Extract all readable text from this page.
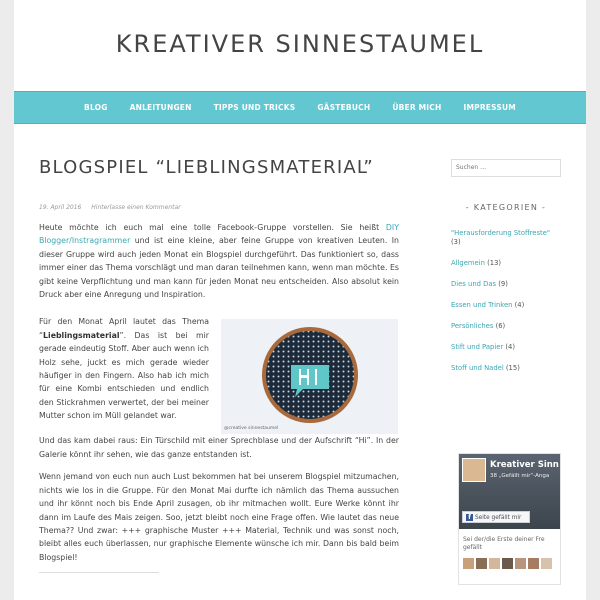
KREATIVER SINNESTAUMEL
BLOG	ANLEITUNGEN	TIPPS UND TRICKS	GÄSTEBUCH	ÜBER MICH	IMPRESSUM
BLOGSPIEL “LIEBLINGSMATERIAL”
19. April 2016 Hinterlasse einen Kommentar

Heute möchte ich euch mal eine tolle Facebook-Gruppe vorstellen. Sie heißt DIY Blogger/Instragrammer und ist eine kleine, aber feine Gruppe von kreativen Leuten. In dieser Gruppe wird auch jeden Monat ein Blogspiel durchgeführt. Das funktioniert so, dass immer einer das Thema vorschlägt und man daran teilnehmen kann, wenn man möchte. Es gibt keine Verpflichtung und man kann für jeden Monat neu entscheiden. Also absolut kein Druck aber eine Anregung und Inspiration.

Für den Monat April lautet das Thema “Lieblingsmaterial”. Das ist bei mir gerade eindeutig Stoff. Aber auch wenn ich Holz sehe, juckt es mich gerade wieder häufiger in den Fingern. Also hab ich mich für eine Kombi entschieden und endlich den Stickrahmen verwertet, der bei meiner Mutter schon im Müll gelandet war.

Und das kam dabei raus: Ein Türschild mit einer Sprechblase und der Aufschrift “Hi”. In der Galerie könnt ihr sehen, wie das ganze entstanden ist.

@creative sinnestaumel

Wenn jemand von euch nun auch Lust bekommen hat bei unserem Blogspiel mitzumachen, nichts wie los in die Gruppe. Für den Monat Mai durfte ich nämlich das Thema aussuchen und ihr könnt noch bis Ende April zusagen, ob ihr mitmachen wollt. Eure Werke könnt ihr dann im Laufe des Mais zeigen. Soo, jetzt bleibt noch eine Frage offen. Wie lautet das neue Thema?? Und zwar: +++ graphische Muster +++ Material, Technik und was sonst noch, bleibt alles euch überlassen, nur graphische Elemente wünsche ich mir. Dann bis bald beim Blogspiel!

Suchen …
- KATEGORIEN -
"Herausforderung Stoffreste" (3)
Allgemein (13)
Dies und Das (9)
Essen und Trinken (4)
Persönliches (6)
Stift und Papier (4)
Stoff und Nadel (15)
Kreativer Sinn
38 „Gefällt mir“-Anga
f Seite gefällt mir
Sei der/die Erste deiner Fre gefällt
